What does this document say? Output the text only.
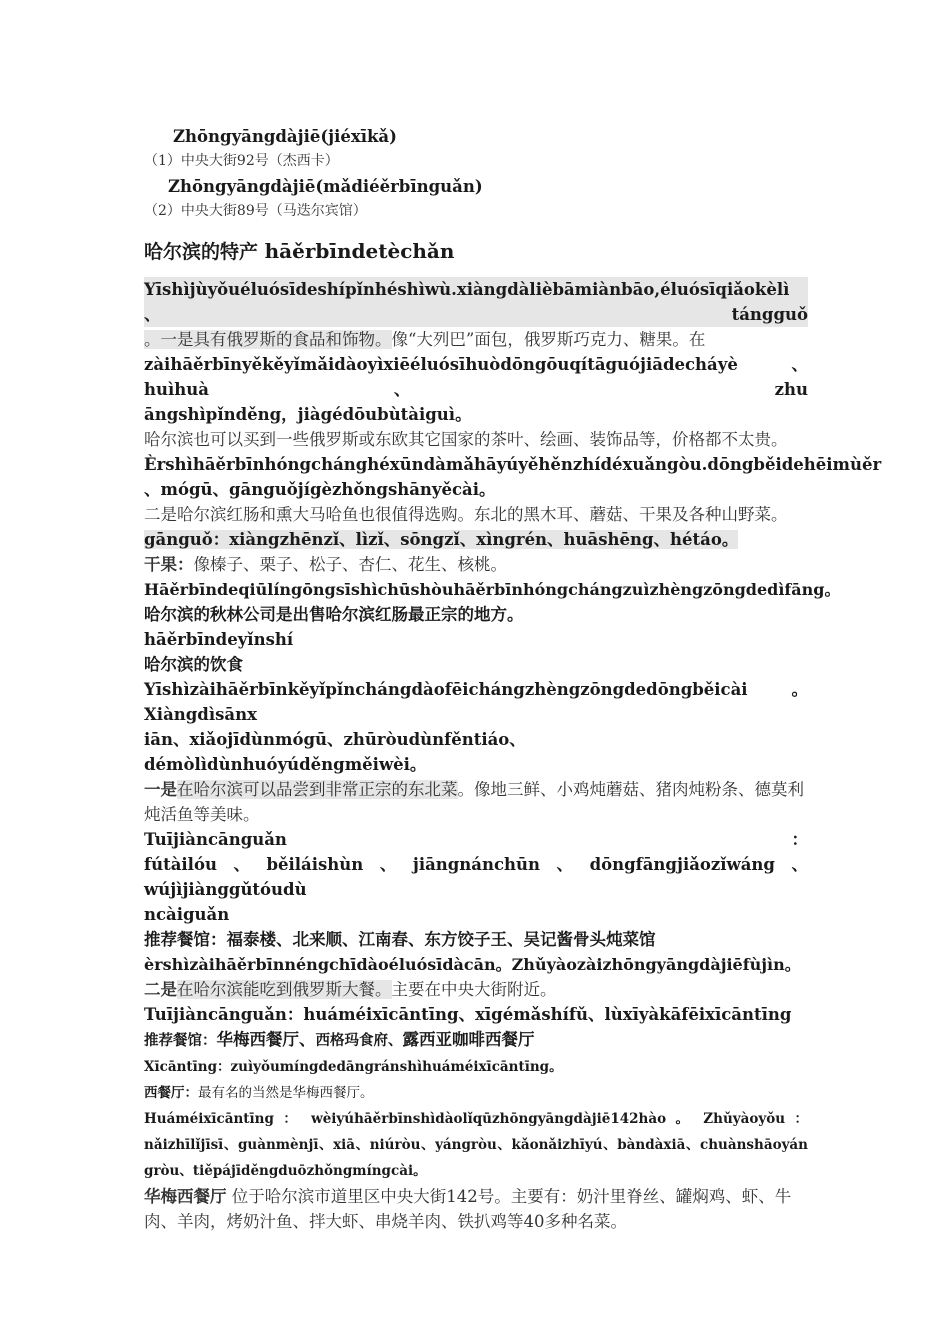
Zhōngyāngdàjiē(jiéxīkǎ)
（1）中央大街92号（杰西卡）
Zhōngyāngdàjiē(mǎdiéěrbīnguǎn)
（2）中央大街89号（马迭尔宾馆）
哈尔滨的特产 hāěrbīndetèchǎn
Yīshìjùyǒuéluósīdeshípǐnhéshìwù.xiàngdàlièbāmiànbāo,éluósīqiǎokèlì 、 tángguǒ
。一是具有俄罗斯的食品和饰物。像“大列巴”面包，俄罗斯巧克力、糖果。在
zàihāěrbīnyěkěyǐmǎidàoyìxiēéluósīhuòdōngōuqítāguójiādecháyè 、 huìhuà 、 zhu
āngshìpǐnděng，jiàgédōubùtàiguì。
哈尔滨也可以买到一些俄罗斯或东欧其它国家的茶叶、绘画、装饰品等，价格都不太贵。
Èrshìhāěrbīnhóngchánghéxūndàmǎhāyúyěhěnzhídéxuǎngòu.dōngběidehēimùěr
、mógū、gānguǒjígèzhǒngshānyěcài。
二是哈尔滨红肠和熏大马哈鱼也很值得选购。东北的黑木耳、蘑菇、干果及各种山野菜。
gānguǒ：xiàngzhēnzǐ、lìzǐ、sōngzǐ、xìngrén、huāshēng、hétáo。
干果：像榛子、栗子、松子、杏仁、花生、核桃。
Hāěrbīndeqiūlíngōngsīshìchūshòuhāěrbīnhóngchángzuìzhèngzōngdedìfāng。
哈尔滨的秋林公司是出售哈尔滨红肠最正宗的地方。
hāěrbīndeyǐnshí
哈尔滨的饮食
Yīshìzàihāěrbīnkěyǐpǐnchángdàofēichángzhèngzōngdedōngběicài。Xiàngdìsānx
iān、xiǎojīdùnmógū、zhūròudùnfěntiáo、démòlìdùnhuóyúděngměiwèi。
一是在哈尔滨可以品尝到非常正宗的东北菜。像地三鲜、小鸡炖蘑菇、猪肉炖粉条、德莫利炖活鱼等美味。
Tuījiàncānguǎn	：
fútàilóu、běiláishùn、jiāngnánchūn、dōngfāngjiǎozǐwáng、wújìjiànggǔtóudù
ncàiguǎn
推荐餐馆：福泰楼、北来顺、江南春、东方饺子王、吴记酱骨头炖菜馆
èrshìzàihāěrbīnnéngchīdàoéluósīdàcān。Zhǔyàozàizhōngyāngdàjiēfùjìn。
二是在哈尔滨能吃到俄罗斯大餐。主要在中央大街附近。
Tuījiàncānguǎn：huáméixīcāntīng、xīgémǎshífǔ、lùxīyàkāfēixīcāntīng
推荐餐馆：华梅西餐厅、西格玛食府、露西亚咖啡西餐厅
Xīcāntīng：zuìyǒumíngdedāngránshìhuáméixīcāntīng。
西餐厅：最有名的当然是华梅西餐厅。
Huáméixīcāntīng ： wèiyúhāěrbīnshìdàolǐqūzhōngyāngdàjiē142hào 。 Zhǔyàoyǒu ：
nǎizhīlǐjīsī、guànmènjī、xiā、niúròu、yángròu、kǎonǎizhīyú、bàndàxiā、chuànshāoyán
gròu、tiěpájīděngduōzhǒngmíngcài。
华梅西餐厅 位于哈尔滨市道里区中央大街142号。主要有：奶汁里脊丝、罐焖鸡、虾、牛肉、羊肉，烤奶汁鱼、拌大虾、串烧羊肉、铁扒鸡等40多种名菜。
